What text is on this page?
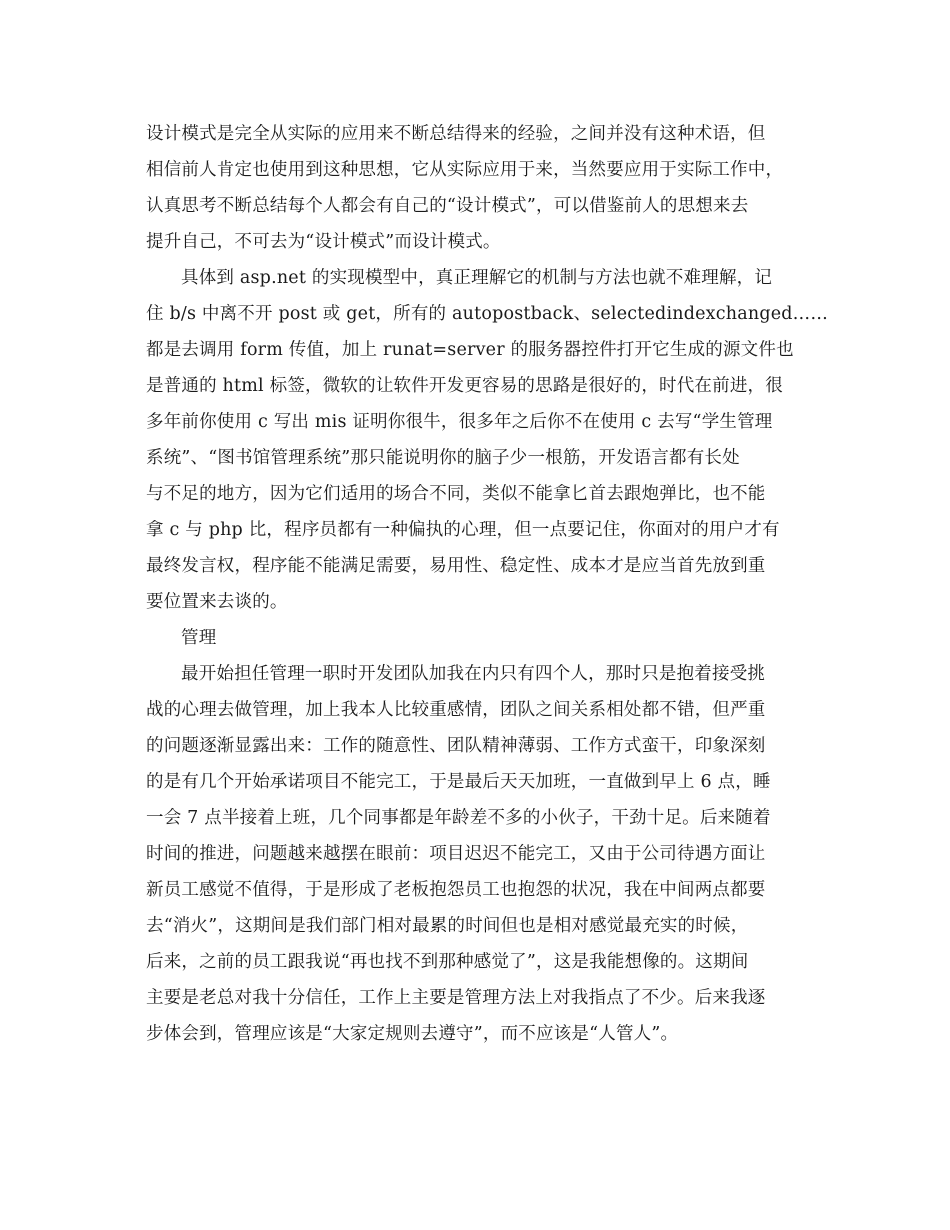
设计模式是完全从实际的应用来不断总结得来的经验，之间并没有这种术语，但
相信前人肯定也使用到这种思想，它从实际应用于来，当然要应用于实际工作中，
认真思考不断总结每个人都会有自己的“设计模式”，可以借鉴前人的思想来去
提升自己，不可去为“设计模式”而设计模式。
具体到 asp.net 的实现模型中，真正理解它的机制与方法也就不难理解，记
住 b/s 中离不开 post 或 get，所有的 autopostback、selectedindexchanged……
都是去调用 form 传值，加上 runat=server 的服务器控件打开它生成的源文件也
是普通的 html 标签，微软的让软件开发更容易的思路是很好的，时代在前进，很
多年前你使用 c 写出 mis 证明你很牛，很多年之后你不在使用 c 去写“学生管理
系统”、“图书馆管理系统”那只能说明你的脑子少一根筋，开发语言都有长处
与不足的地方，因为它们适用的场合不同，类似不能拿匕首去跟炮弹比，也不能
拿 c 与 php 比，程序员都有一种偏执的心理，但一点要记住，你面对的用户才有
最终发言权，程序能不能满足需要，易用性、稳定性、成本才是应当首先放到重
要位置来去谈的。
管理
最开始担任管理一职时开发团队加我在内只有四个人，那时只是抱着接受挑
战的心理去做管理，加上我本人比较重感情，团队之间关系相处都不错，但严重
的问题逐渐显露出来：工作的随意性、团队精神薄弱、工作方式蛮干，印象深刻
的是有几个开始承诺项目不能完工，于是最后天天加班，一直做到早上 6 点，睡
一会 7 点半接着上班，几个同事都是年龄差不多的小伙子，干劲十足。后来随着
时间的推进，问题越来越摆在眼前：项目迟迟不能完工，又由于公司待遇方面让
新员工感觉不值得，于是形成了老板抱怨员工也抱怨的状况，我在中间两点都要
去“消火”，这期间是我们部门相对最累的时间但也是相对感觉最充实的时候，
后来，之前的员工跟我说“再也找不到那种感觉了”，这是我能想像的。这期间
主要是老总对我十分信任，工作上主要是管理方法上对我指点了不少。后来我逐
步体会到，管理应该是“大家定规则去遵守”，而不应该是“人管人”。
